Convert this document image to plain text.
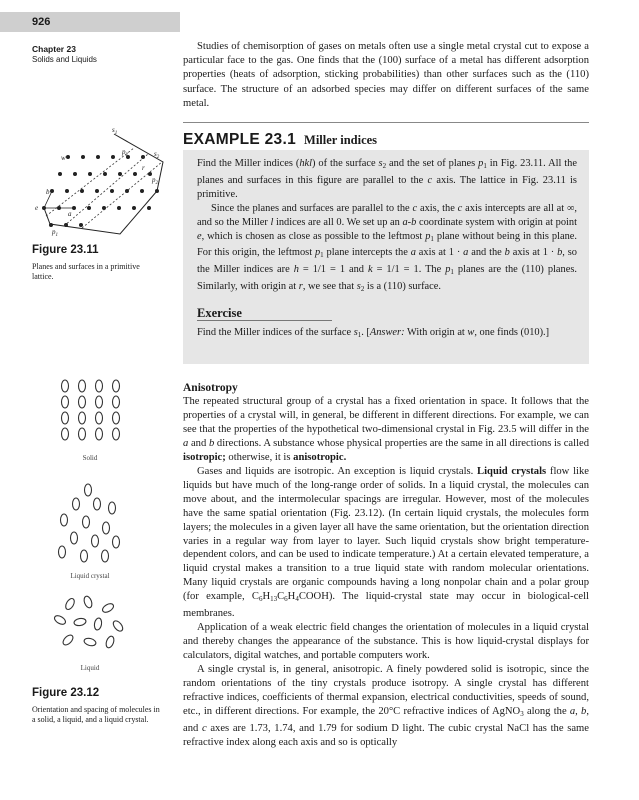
926
Chapter 23
Solids and Liquids

Studies of chemisorption of gases on metals often use a single metal crystal cut to expose a particular face to the gas. One finds that the (100) surface of a metal has different adsorption properties (heats of adsorption, sticking probabilities) than other surfaces such as the (110) surface. The structure of an adsorbed species may differ on different surfaces of the same metal.

EXAMPLE 23.1 Miller indices

Find the Miller indices (hkl) of the surface $s_2$ and the set of planes $p_1$ in Fig. 23.11. All the planes and surfaces in this figure are parallel to the c axis. The lattice in Fig. 23.11 is primitive.

Since the planes and surfaces are parallel to the c axis, the c axis intercepts are all at ∞, and so the Miller l indices are all 0. We set up an a-b coordinate system with origin at point e, which is chosen as close as possible to the leftmost $p_1$ plane without being in this plane. For this origin, the leftmost $p_1$ plane intercepts the a axis at 1 · a and the b axis at 1 · b, so the Miller indices are h = 1/1 = 1 and k = 1/1 = 1. The $p_1$ planes are the (110) planes. Similarly, with origin at r, we see that $s_2$ is a (110) surface.

Exercise

Find the Miller indices of the surface $s_1$. [Answer: With origin at w, one finds (010).]

$s_1$
$s_2$
$p_2$
$p_2$
w
r
e
a
b
$p_1$
Figure 23.11
Planes and surfaces in a primitive lattice.
Solid
Liquid crystal
Liquid
Figure 23.12
Orientation and spacing of molecules in a solid, a liquid, and a liquid crystal.
Anisotropy

The repeated structural group of a crystal has a fixed orientation in space. It follows that the properties of a crystal will, in general, be different in different directions. For example, we can see that the properties of the hypothetical two-dimensional crystal in Fig. 23.5 will differ in the a and b directions. A substance whose physical properties are the same in all directions is called isotropic; otherwise, it is anisotropic.

Gases and liquids are isotropic. An exception is liquid crystals. Liquid crystals flow like liquids but have much of the long-range order of solids. In a liquid crystal, the molecules can move about, and the intermolecular spacings are irregular. However, most of the molecules have the same spatial orientation (Fig. 23.12). (In certain liquid crystals, the molecules form layers; the molecules in a given layer all have the same orientation, but the orientation direction varies in a regular way from layer to layer. Such liquid crystals show bright temperature-dependent colors, and can be used to indicate temperature.) At a certain elevated temperature, a liquid crystal makes a transition to a true liquid state with random molecular orientations. Many liquid crystals are organic compounds having a long nonpolar chain and a polar group (for example, $C_6H_{13}C_6H_4COOH$). The liquid-crystal state may occur in biological-cell membranes.

Application of a weak electric field changes the orientation of molecules in a liquid crystal and thereby changes the appearance of the substance. This is how liquid-crystal displays for calculators, digital watches, and portable computers work.

A single crystal is, in general, anisotropic. A finely powdered solid is isotropic, since the random orientations of the tiny crystals produce isotropy. A single crystal has different refractive indices, coefficients of thermal expansion, electrical conductivities, speeds of sound, etc., in different directions. For example, the 20°C refractive indices of AgNO$_3$ along the a, b, and c axes are 1.73, 1.74, and 1.79 for sodium D light. The cubic crystal NaCl has the same refractive index along each axis and so is optically
